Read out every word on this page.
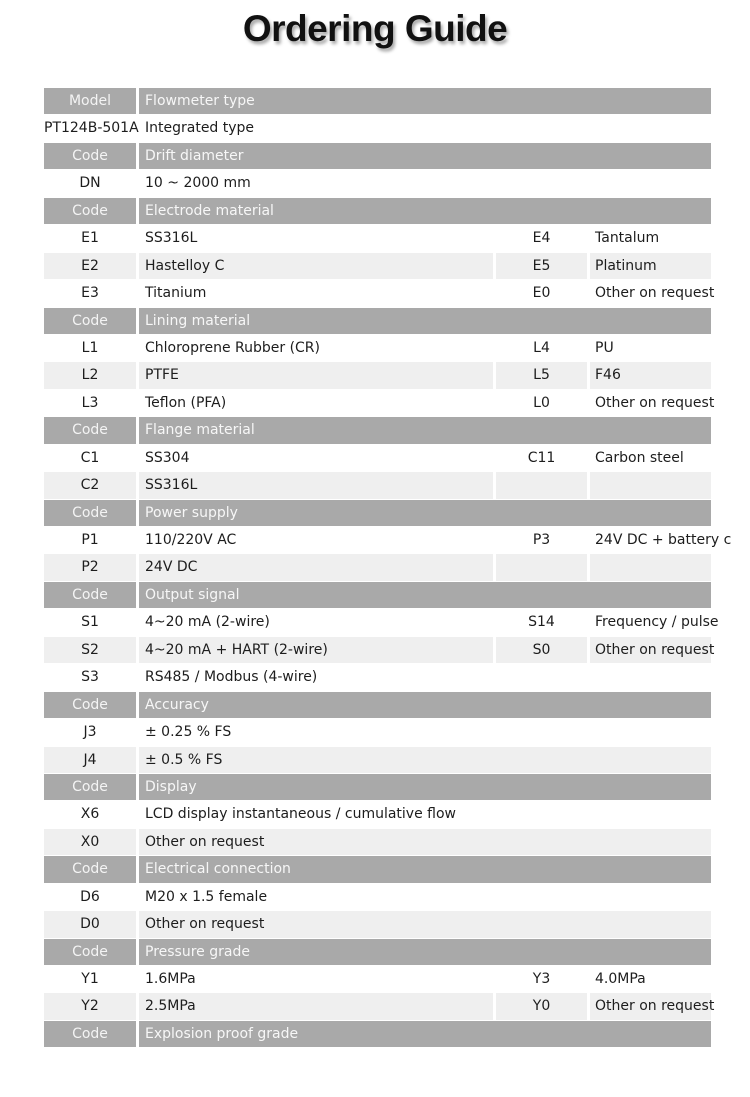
Ordering Guide
Model	Flowmeter type
PT124B-501A Integrated type
Code	Drift diameter
DN	10 ~ 2000 mm
Code	Electrode material
E1	SS316L	E4	Tantalum
E2	Hastelloy C	E5	Platinum
E3	Titanium	E0	Other on request
Code	Lining material
L1	Chloroprene Rubber (CR)	L4	PU
L2	PTFE	L5	F46
L3	Teflon (PFA)	L0	Other on request
Code	Flange material
C1	SS304	C11	Carbon steel
C2	SS316L
Code	Power supply
P1	110/220V AC	P3	24V DC + battery c
P2	24V DC
Code	Output signal
S1	4~20 mA (2-wire)	S14	Frequency / pulse
S2	4~20 mA + HART (2-wire)	S0	Other on request
S3	RS485 / Modbus (4-wire)
Code	Accuracy
J3	± 0.25 % FS
J4	± 0.5 % FS
Code	Display
X6	LCD display instantaneous / cumulative flow
X0	Other on request
Code	Electrical connection
D6	M20 x 1.5 female
D0	Other on request
Code	Pressure grade
Y1	1.6MPa	Y3	4.0MPa
Y2	2.5MPa	Y0	Other on request
Code	Explosion proof grade
